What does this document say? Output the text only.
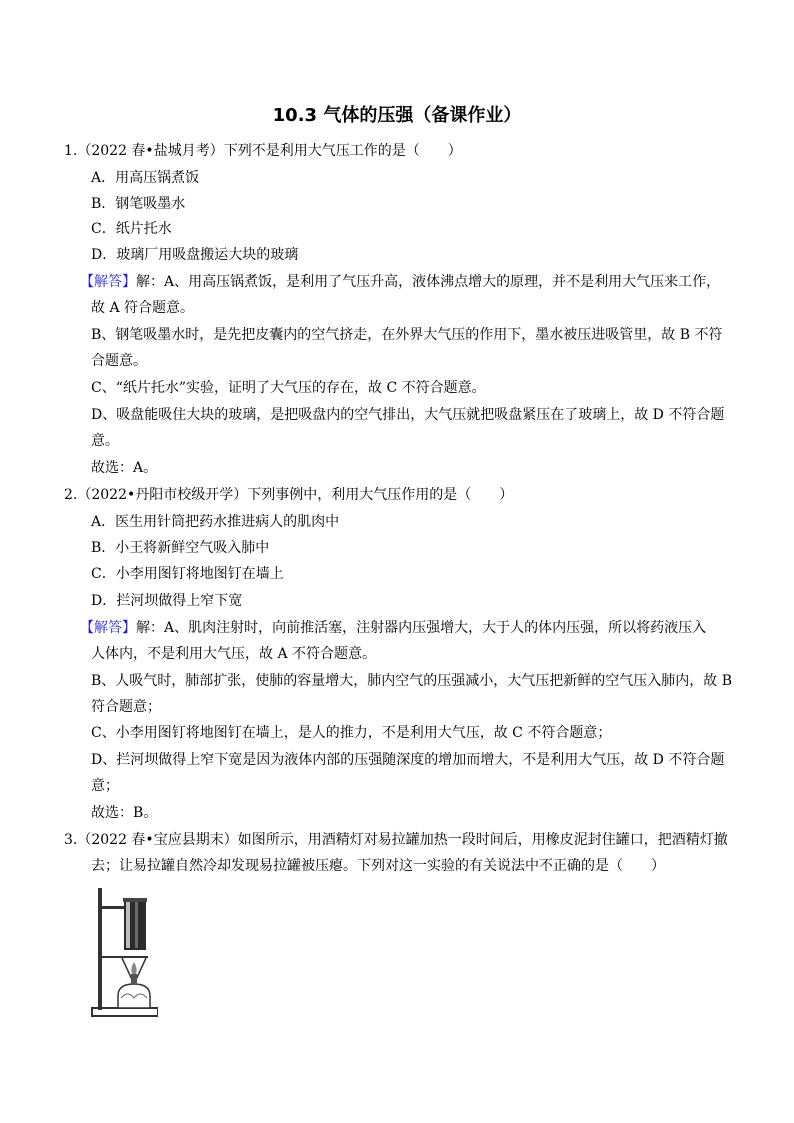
10.3 气体的压强（备课作业）
1.（2022 春•盐城月考）下列不是利用大气压工作的是（　　）
A．用高压锅煮饭
B．钢笔吸墨水
C．纸片托水
D．玻璃厂用吸盘搬运大块的玻璃
【解答】解：A、用高压锅煮饭，是利用了气压升高，液体沸点增大的原理，并不是利用大气压来工作，
故 A 符合题意。
B、钢笔吸墨水时，是先把皮囊内的空气挤走，在外界大气压的作用下，墨水被压进吸管里，故 B 不符
合题意。
C、“纸片托水”实验，证明了大气压的存在，故 C 不符合题意。
D、吸盘能吸住大块的玻璃，是把吸盘内的空气排出，大气压就把吸盘紧压在了玻璃上，故 D 不符合题
意。
故选：A。
2.（2022•丹阳市校级开学）下列事例中，利用大气压作用的是（　　）
A．医生用针筒把药水推进病人的肌肉中
B．小王将新鲜空气吸入肺中
C．小李用图钉将地图钉在墙上
D．拦河坝做得上窄下宽
【解答】解：A、肌肉注射时，向前推活塞，注射器内压强增大，大于人的体内压强，所以将药液压入
人体内，不是利用大气压，故 A 不符合题意。
B、人吸气时，肺部扩张，使肺的容量增大，肺内空气的压强减小，大气压把新鲜的空气压入肺内，故 B
符合题意；
C、小李用图钉将地图钉在墙上，是人的推力，不是利用大气压，故 C 不符合题意；
D、拦河坝做得上窄下宽是因为液体内部的压强随深度的增加而增大，不是利用大气压，故 D 不符合题
意；
故选：B。
3.（2022 春•宝应县期末）如图所示，用酒精灯对易拉罐加热一段时间后，用橡皮泥封住罐口，把酒精灯撤
去；让易拉罐自然冷却发现易拉罐被压瘪。下列对这一实验的有关说法中不正确的是（　　）
